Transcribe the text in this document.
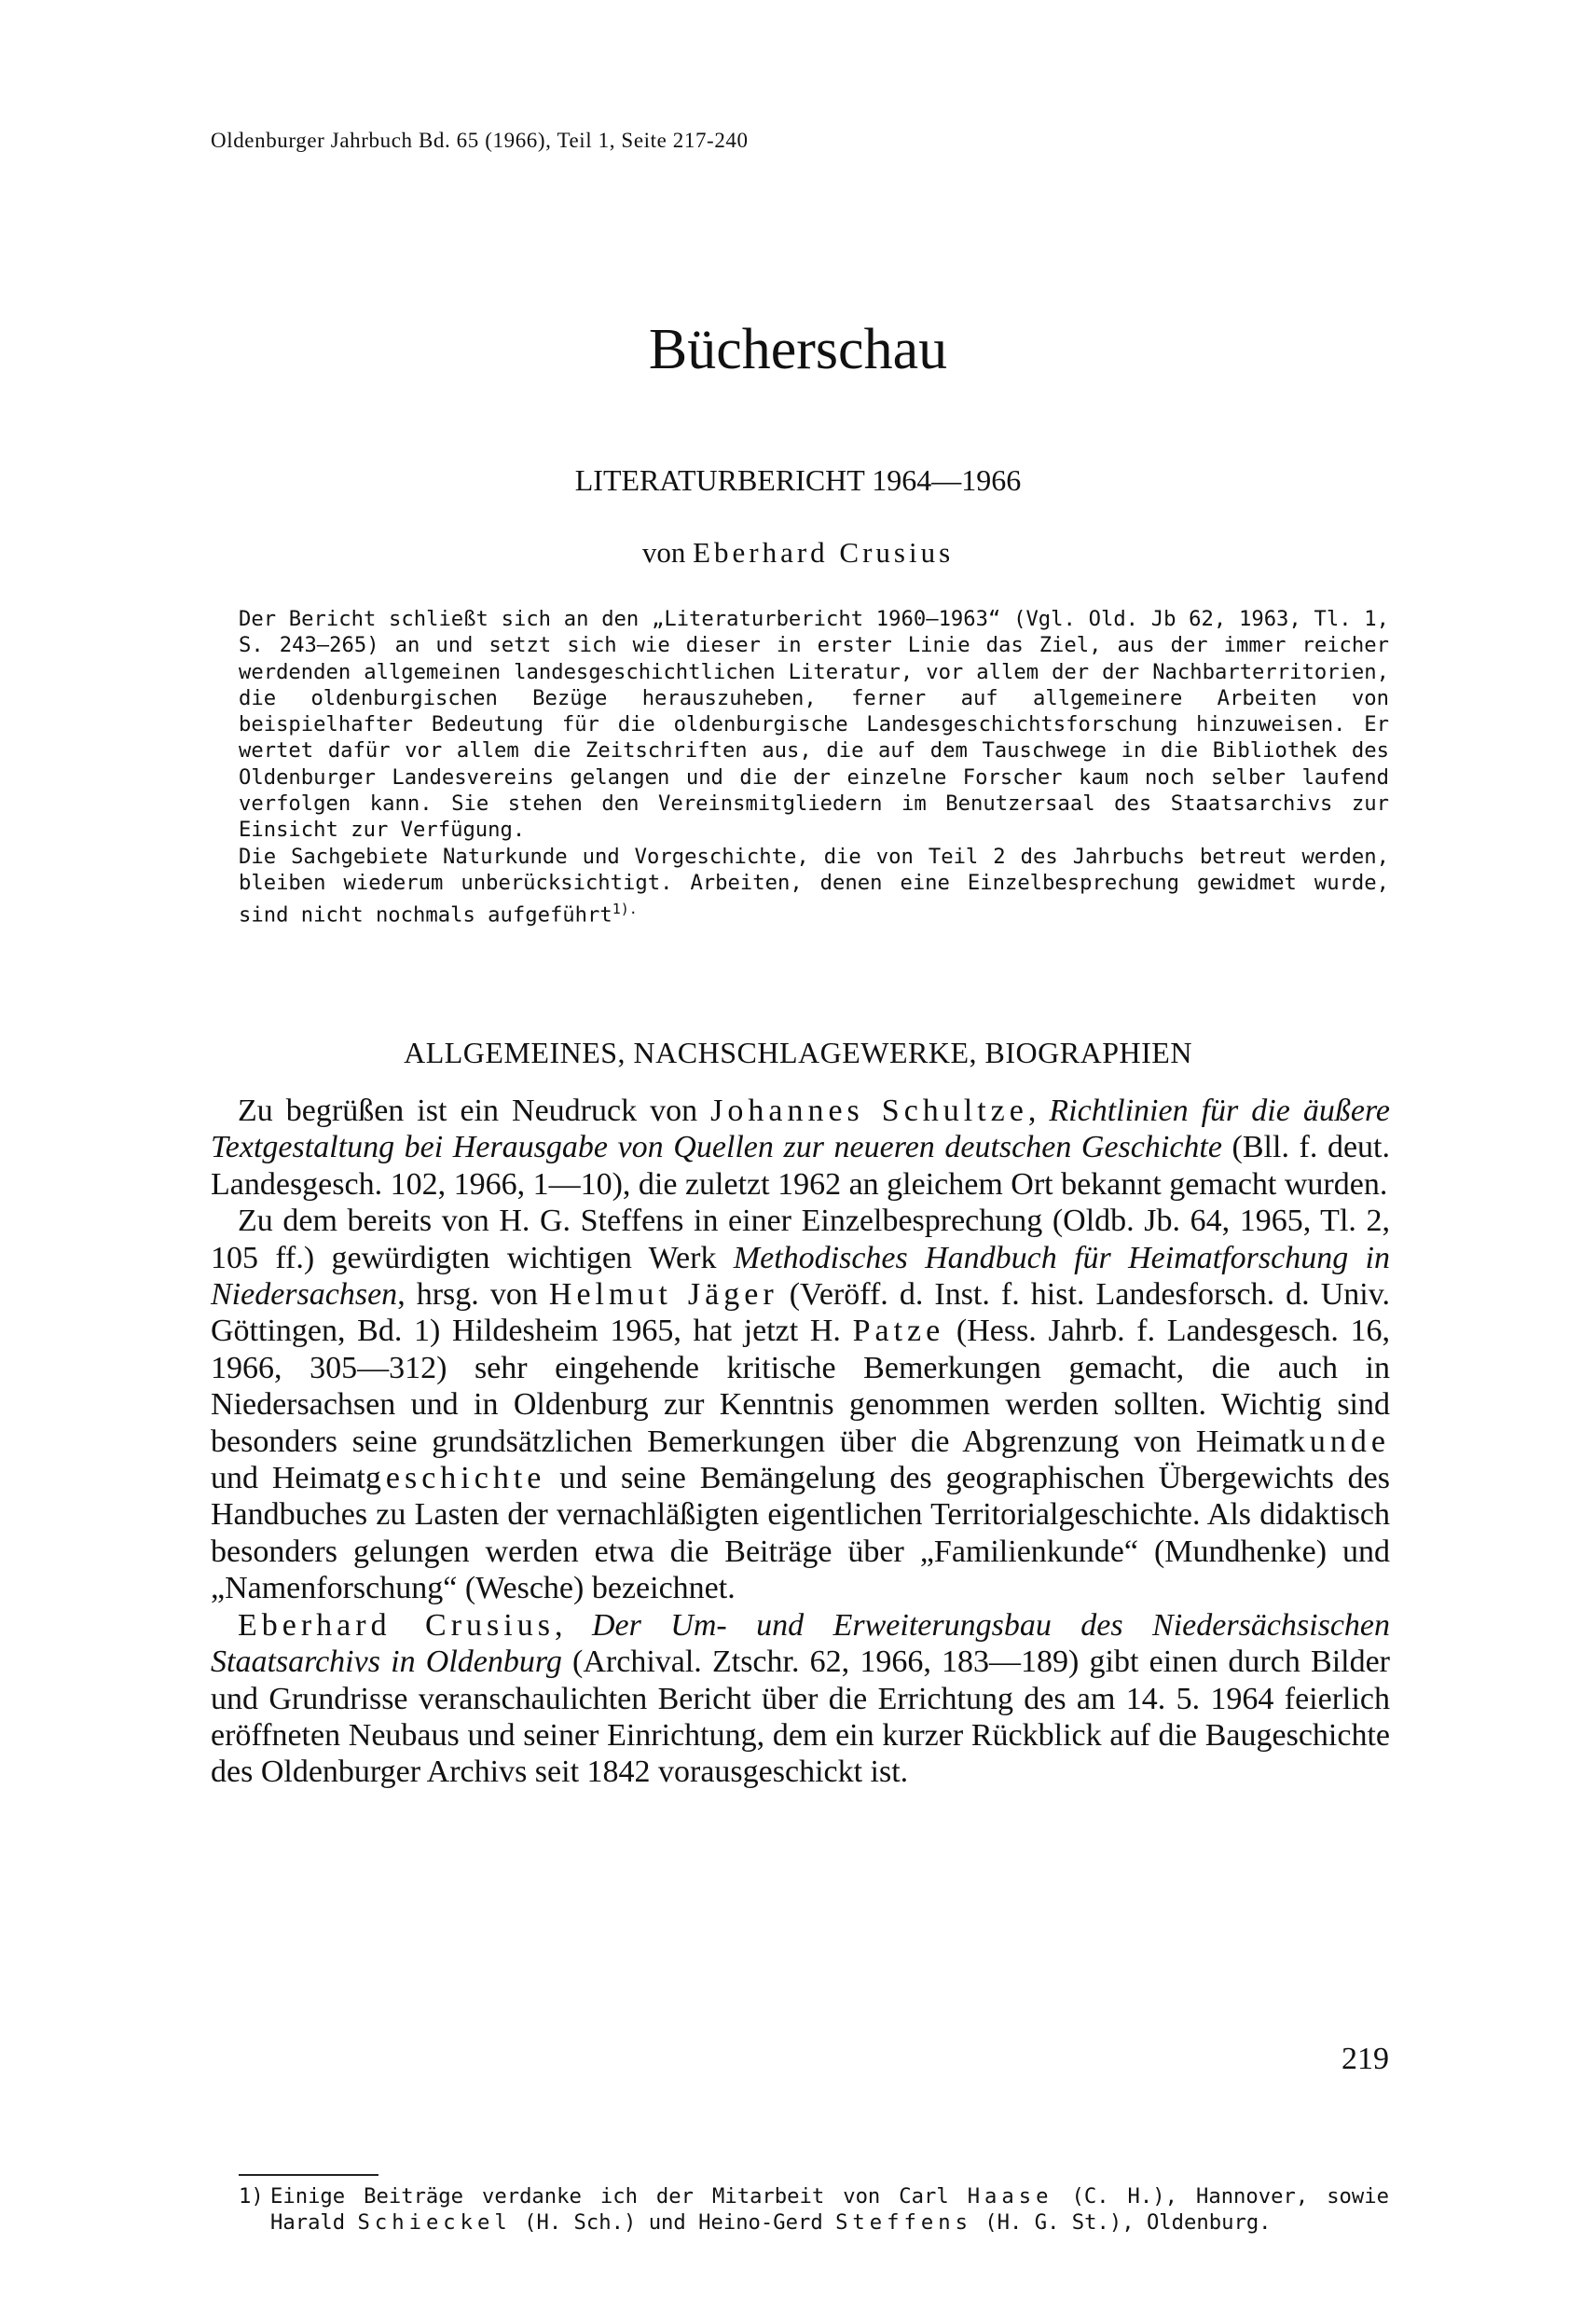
Oldenburger Jahrbuch Bd. 65 (1966), Teil 1, Seite 217-240
Bücherschau
LITERATURBERICHT 1964—1966
von Eberhard Crusius

Der Bericht schließt sich an den „Literaturbericht 1960—1963“ (Vgl. Old. Jb 62, 1963, Tl. 1, S. 243—265) an und setzt sich wie dieser in erster Linie das Ziel, aus der immer reicher werdenden allgemeinen landesgeschichtlichen Literatur, vor allem der der Nachbarterritorien, die oldenburgischen Bezüge herauszuheben, ferner auf allgemeinere Arbeiten von beispielhafter Bedeutung für die oldenburgische Landesgeschichtsforschung hinzuweisen. Er wertet dafür vor allem die Zeitschriften aus, die auf dem Tauschwege in die Bibliothek des Oldenburger Landesvereins gelangen und die der einzelne Forscher kaum noch selber laufend verfolgen kann. Sie stehen den Vereinsmitgliedern im Benutzersaal des Staatsarchivs zur Einsicht zur Verfügung.

Die Sachgebiete Naturkunde und Vorgeschichte, die von Teil 2 des Jahrbuchs betreut werden, bleiben wiederum unberücksichtigt. Arbeiten, denen eine Einzelbesprechung gewidmet wurde, sind nicht nochmals aufgeführt$^{1).}$

ALLGEMEINES, NACHSCHLAGEWERKE, BIOGRAPHIEN

Zu begrüßen ist ein Neudruck von Johannes Schultze, Richtlinien für die äußere Textgestaltung bei Herausgabe von Quellen zur neueren deutschen Geschichte (Bll. f. deut. Landesgesch. 102, 1966, 1—10), die zuletzt 1962 an gleichem Ort bekannt gemacht wurden.

Zu dem bereits von H. G. Steffens in einer Einzelbesprechung (Oldb. Jb. 64, 1965, Tl. 2, 105 ff.) gewürdigten wichtigen Werk Methodisches Handbuch für Heimatforschung in Niedersachsen, hrsg. von Helmut Jäger (Veröff. d. Inst. f. hist. Landesforsch. d. Univ. Göttingen, Bd. 1) Hildesheim 1965, hat jetzt H. Patze (Hess. Jahrb. f. Landesgesch. 16, 1966, 305—312) sehr eingehende kritische Bemerkungen gemacht, die auch in Niedersachsen und in Oldenburg zur Kenntnis genommen werden sollten. Wichtig sind besonders seine grundsätzlichen Bemerkungen über die Abgrenzung von Heimatkunde und Heimatgeschichte und seine Bemängelung des geographischen Übergewichts des Handbuches zu Lasten der vernachläßigten eigentlichen Territorialgeschichte. Als didaktisch besonders gelungen werden etwa die Beiträge über „Familienkunde“ (Mundhenke) und „Namenforschung“ (Wesche) bezeichnet.

Eberhard Crusius, Der Um- und Erweiterungsbau des Niedersächsischen Staatsarchivs in Oldenburg (Archival. Ztschr. 62, 1966, 183—189) gibt einen durch Bilder und Grundrisse veranschaulichten Bericht über die Errichtung des am 14. 5. 1964 feierlich eröffneten Neubaus und seiner Einrichtung, dem ein kurzer Rückblick auf die Baugeschichte des Oldenburger Archivs seit 1842 vorausgeschickt ist.

219
1) Einige Beiträge verdanke ich der Mitarbeit von Carl Haase (C. H.), Hannover, sowie Harald Schieckel (H. Sch.) und Heino-Gerd Steffens (H. G. St.), Oldenburg.
